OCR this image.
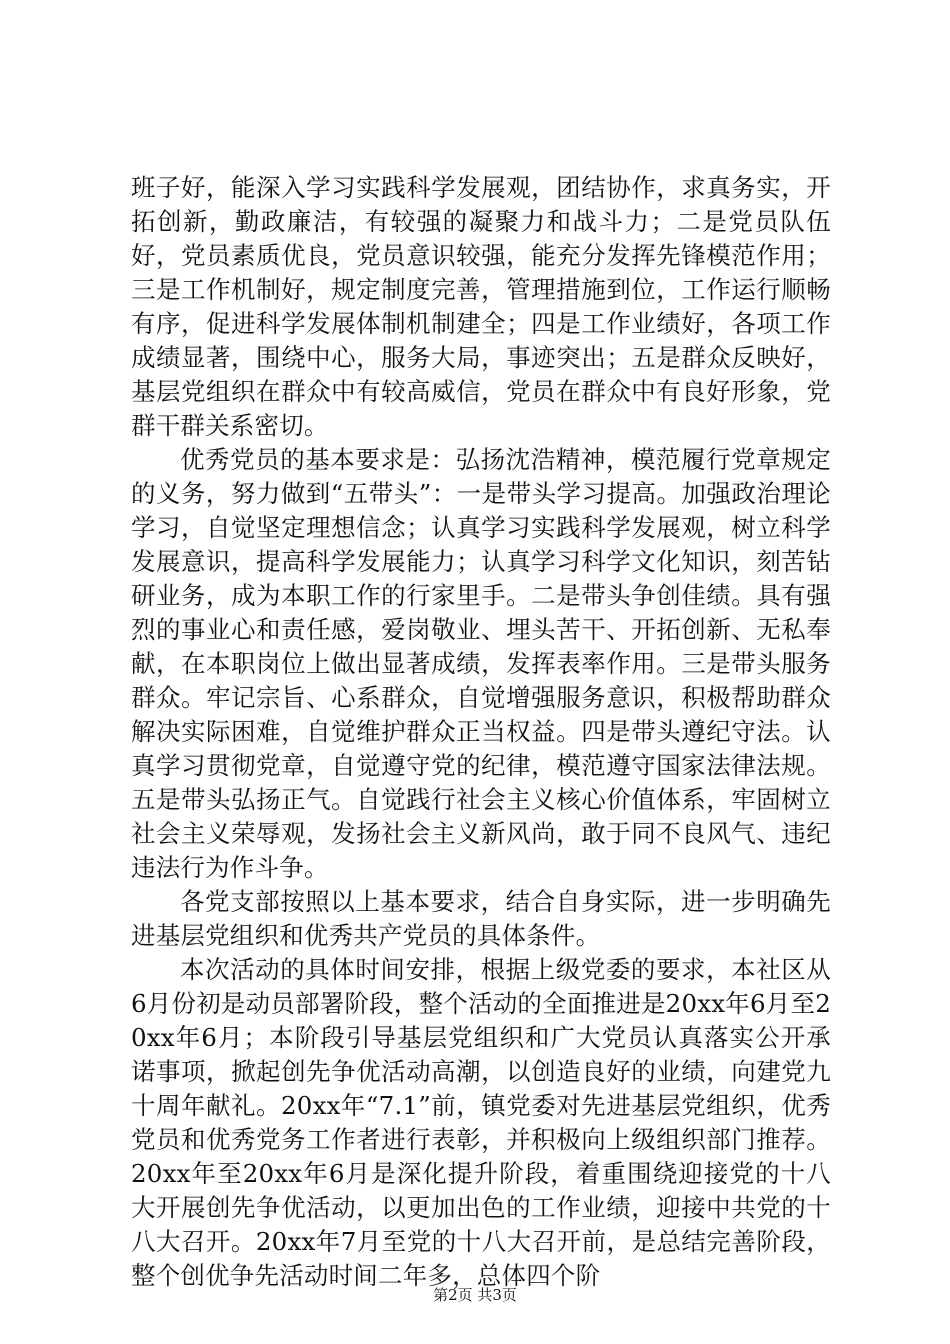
班子好，能深入学习实践科学发展观，团结协作，求真务实，开拓创新，勤政廉洁，有较强的凝聚力和战斗力；二是党员队伍好，党员素质优良，党员意识较强，能充分发挥先锋模范作用；三是工作机制好，规定制度完善，管理措施到位，工作运行顺畅有序，促进科学发展体制机制建全；四是工作业绩好，各项工作成绩显著，围绕中心，服务大局，事迹突出；五是群众反映好，基层党组织在群众中有较高威信，党员在群众中有良好形象，党群干群关系密切。

优秀党员的基本要求是：弘扬沈浩精神，模范履行党章规定的义务，努力做到“五带头”：一是带头学习提高。加强政治理论学习，自觉坚定理想信念；认真学习实践科学发展观，树立科学发展意识，提高科学发展能力；认真学习科学文化知识，刻苦钻研业务，成为本职工作的行家里手。二是带头争创佳绩。具有强烈的事业心和责任感，爱岗敬业、埋头苦干、开拓创新、无私奉献，在本职岗位上做出显著成绩，发挥表率作用。三是带头服务群众。牢记宗旨、心系群众，自觉增强服务意识，积极帮助群众解决实际困难，自觉维护群众正当权益。四是带头遵纪守法。认真学习贯彻党章，自觉遵守党的纪律，模范遵守国家法律法规。五是带头弘扬正气。自觉践行社会主义核心价值体系，牢固树立社会主义荣辱观，发扬社会主义新风尚，敢于同不良风气、违纪违法行为作斗争。

各党支部按照以上基本要求，结合自身实际，进一步明确先进基层党组织和优秀共产党员的具体条件。

本次活动的具体时间安排，根据上级党委的要求，本社区从6月份初是动员部署阶段，整个活动的全面推进是20xx年6月至20xx年6月；本阶段引导基层党组织和广大党员认真落实公开承诺事项，掀起创先争优活动高潮，以创造良好的业绩，向建党九十周年献礼。20xx年“7.1”前，镇党委对先进基层党组织，优秀党员和优秀党务工作者进行表彰，并积极向上级组织部门推荐。20xx年至20xx年6月是深化提升阶段，着重围绕迎接党的十八大开展创先争优活动，以更加出色的工作业绩，迎接中共党的十八大召开。20xx年7月至党的十八大召开前，是总结完善阶段，整个创优争先活动时间二年多，总体四个阶

第2页 共3页
